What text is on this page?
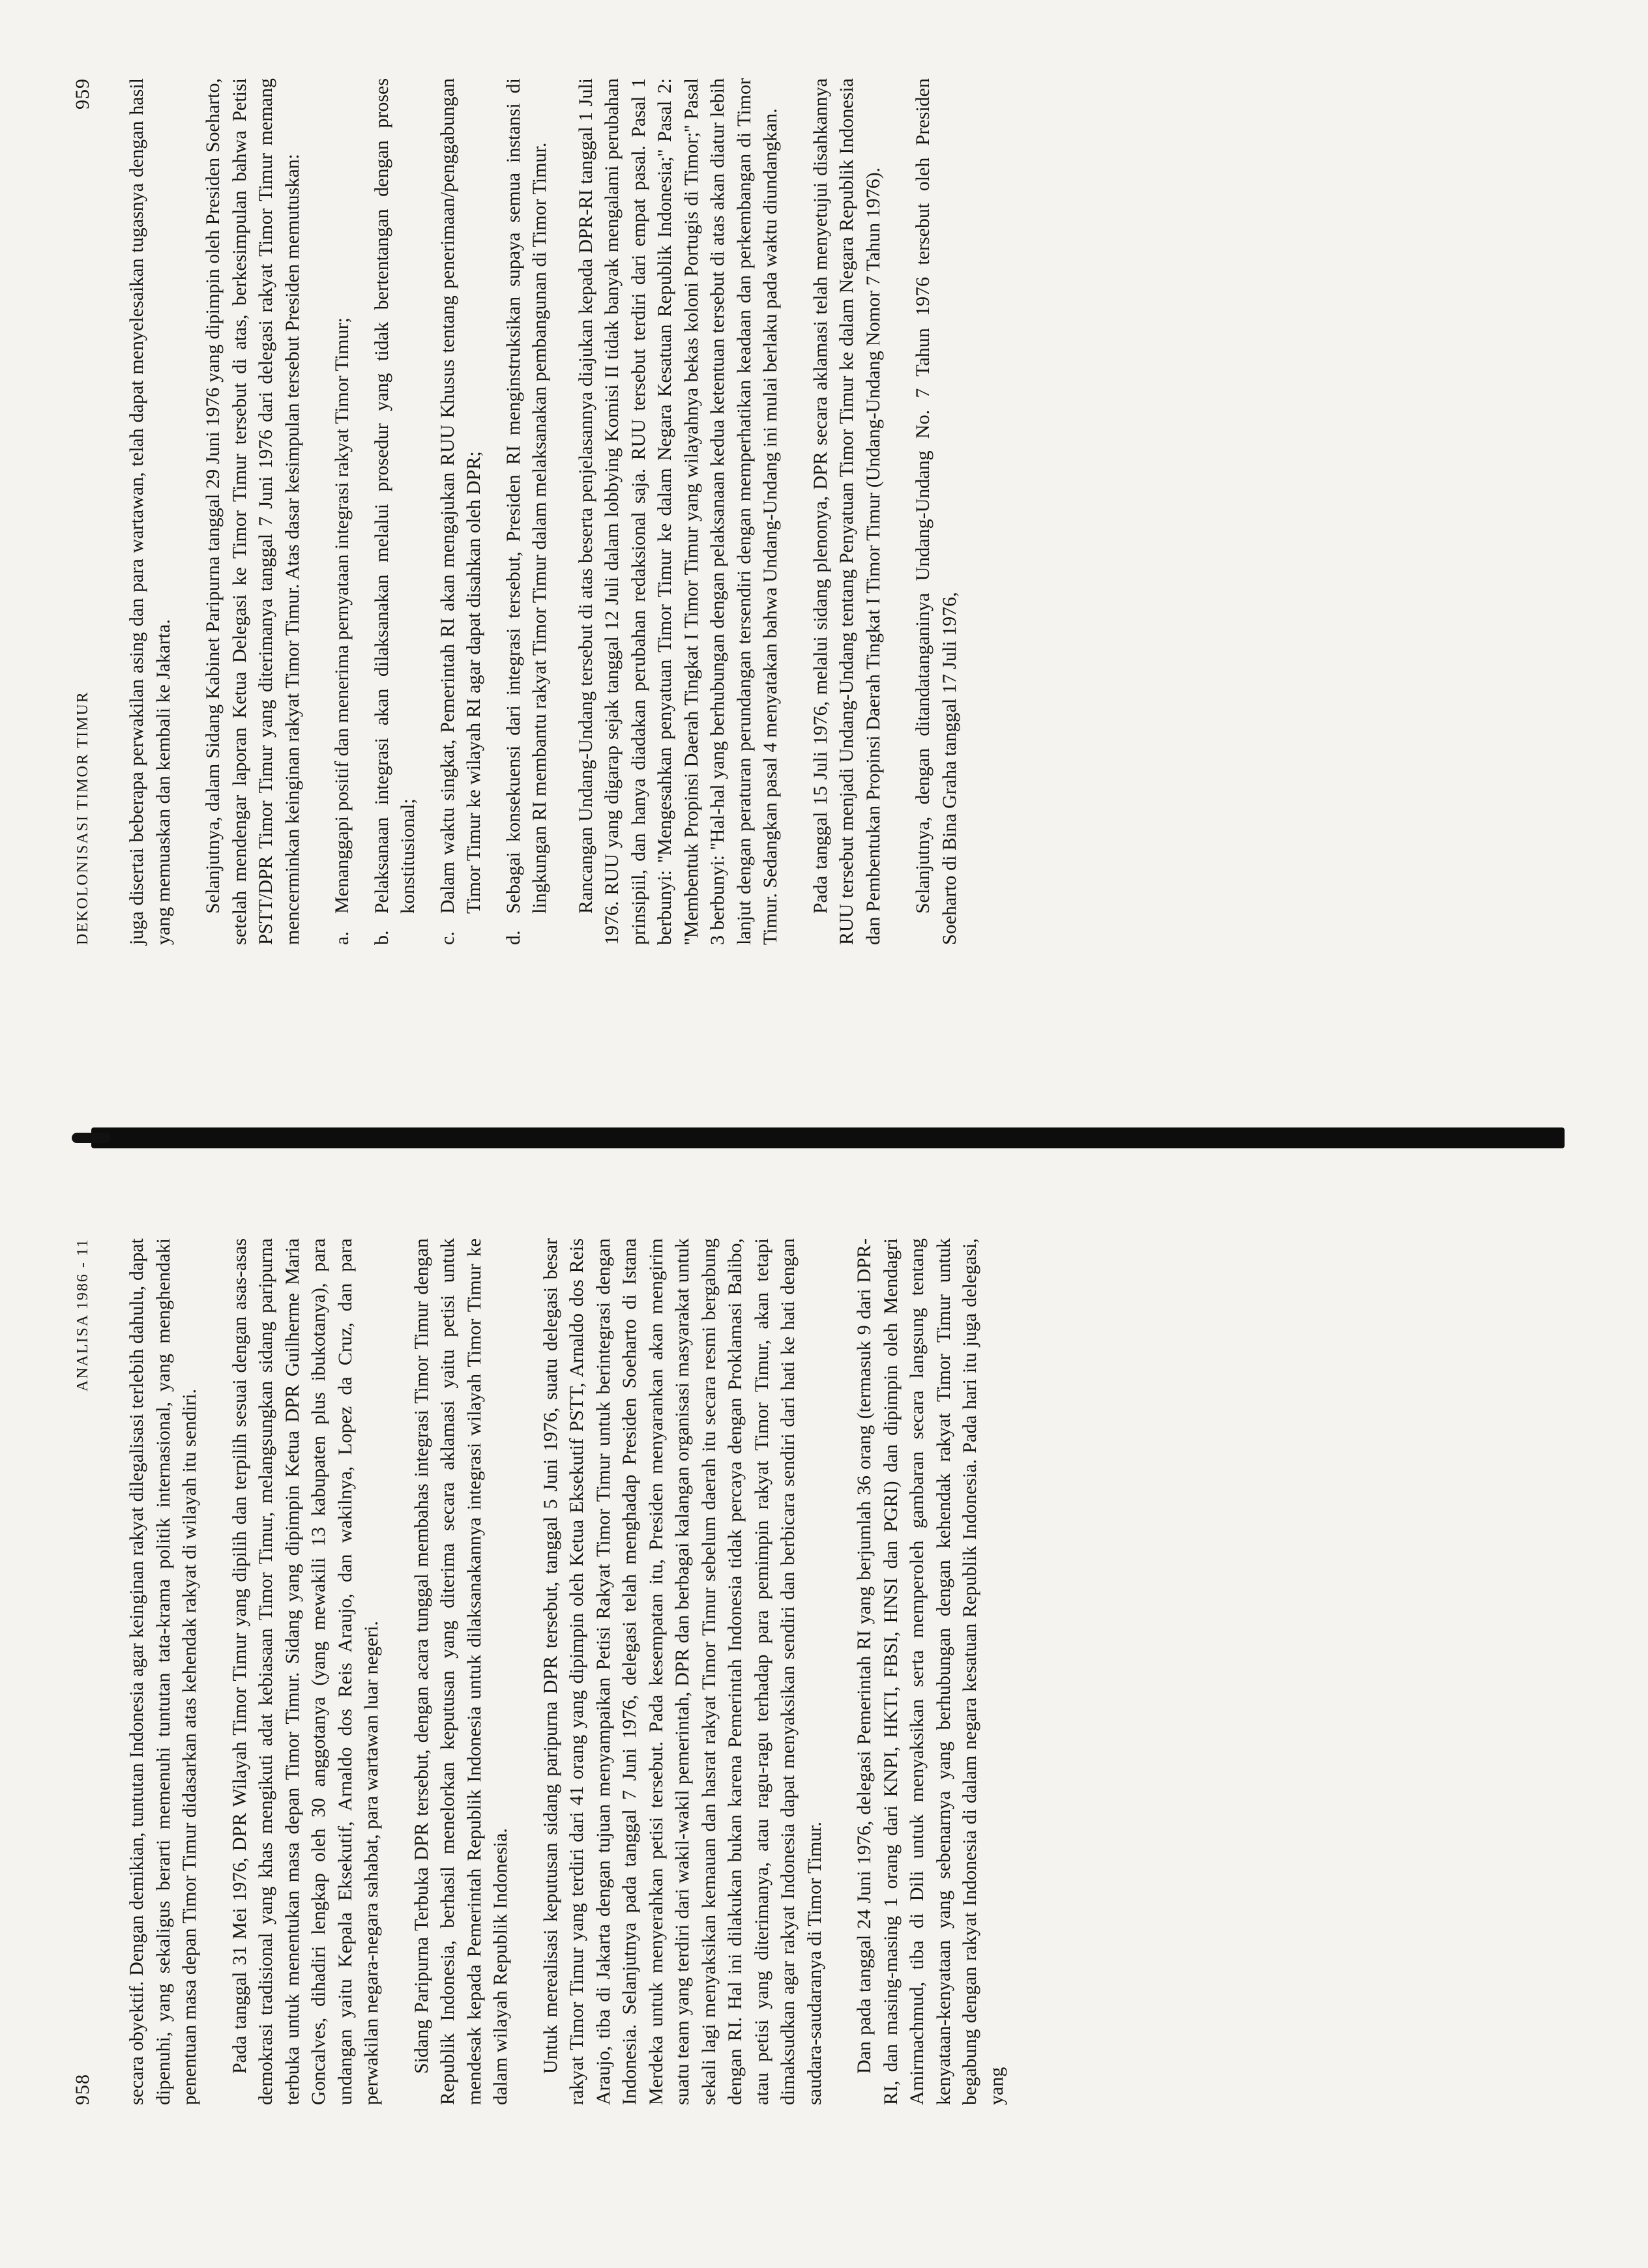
958
ANALISA 1986 - 11 secara obyektif. Dengan demikian, tuntutan Indonesia agar keinginan rakyat dilegalisasi terlebih dahulu, dapat dipenuhi, yang sekaligus berarti memenuhi tuntutan tata-krama politik internasional, yang menghendaki penentuan masa depan Timor Timur didasarkan atas kehendak rakyat di wilayah itu sendiri. Pada tanggal 31 Mei 1976, DPR Wilayah Timor Timur yang dipilih dan terpilih sesuai dengan asas-asas demokrasi tradisional yang khas mengikuti adat kebiasaan Timor Timur, melangsungkan sidang paripurna terbuka untuk menentukan masa depan Timor Timur. Sidang yang dipimpin Ketua DPR Guilherme Maria Goncalves, dihadiri lengkap oleh 30 anggotanya (yang mewakili 13 kabupaten plus ibukotanya), para undangan yaitu Kepala Eksekutif, Arnaldo dos Reis Araujo, dan wakilnya, Lopez da Cruz, dan para perwakilan negara-negara sahabat, para wartawan luar negeri. Sidang Paripurna Terbuka DPR tersebut, dengan acara tunggal membahas integrasi Timor Timur dengan Republik Indonesia, berhasil menelorkan keputusan yang diterima secara aklamasi yaitu petisi untuk mendesak kepada Pemerintah Republik Indonesia untuk dilaksanakannya integrasi wilayah Timor Timur ke dalam wilayah Republik Indonesia. Untuk merealisasi keputusan sidang paripurna DPR tersebut, tanggal 5 Juni 1976, suatu delegasi besar rakyat Timor Timur yang terdiri dari 41 orang yang dipimpin oleh Ketua Eksekutif PSTT, Arnaldo dos Reis Araujo, tiba di Jakarta dengan tujuan menyampaikan Petisi Rakyat Timor Timur untuk berintegrasi dengan Indonesia. Selanjutnya pada tanggal 7 Juni 1976, delegasi telah menghadap Presiden Soeharto di Istana Merdeka untuk menyerahkan petisi tersebut. Pada kesempatan itu, Presiden menyarankan akan mengirim suatu team yang terdiri dari wakil-wakil pemerintah, DPR dan berbagai kalangan organisasi masyarakat untuk sekali lagi menyaksikan kemauan dan hasrat rakyat Timor Timur sebelum daerah itu secara resmi bergabung dengan RI. Hal ini dilakukan bukan karena Pemerintah Indonesia tidak percaya dengan Proklamasi Balibo, atau petisi yang diterimanya, atau ragu-ragu terhadap para pemimpin rakyat Timor Timur, akan tetapi dimaksudkan agar rakyat Indonesia dapat menyaksikan sendiri dan berbicara sendiri dari hati ke hati dengan saudara-saudaranya di Timor Timur. Dan pada tanggal 24 Juni 1976, delegasi Pemerintah RI yang berjumlah 36 orang (termasuk 9 dari DPR-RI, dan masing-masing 1 orang dari KNPI, HKTI, FBSI, HNSI dan PGRI) dan dipimpin oleh Mendagri Amirmachmud, tiba di Dili untuk menyaksikan serta memperoleh gambaran secara langsung tentang kenyataan-kenyataan yang sebenarnya yang berhubungan dengan kehendak rakyat Timor Timur untuk begabung dengan rakyat Indonesia di dalam negara kesatuan Republik Indonesia. Pada hari itu juga delegasi, yang

DEKOLONISASI TIMOR TIMUR
959 juga disertai beberapa perwakilan asing dan para wartawan, telah dapat menyelesaikan tugasnya dengan hasil yang memuaskan dan kembali ke Jakarta. Selanjutnya, dalam Sidang Kabinet Paripurna tanggal 29 Juni 1976 yang dipimpin oleh Presiden Soeharto, setelah mendengar laporan Ketua Delegasi ke Timor Timur tersebut di atas, berkesimpulan bahwa Petisi PSTT/DPR Timor Timur yang diterimanya tanggal 7 Juni 1976 dari delegasi rakyat Timor Timur memang mencerminkan keinginan rakyat Timor Timur. Atas dasar kesimpulan tersebut Presiden memutuskan: a.
Menanggapi positif dan menerima pernyataan integrasi rakyat Timor Timur;
b.
Pelaksanaan integrasi akan dilaksanakan melalui prosedur yang tidak bertentangan dengan proses konstitusional;
c.
Dalam waktu singkat, Pemerintah RI akan mengajukan RUU Khusus tentang penerimaan/penggabungan Timor Timur ke wilayah RI agar dapat disahkan oleh DPR;
d.
Sebagai konsekuensi dari integrasi tersebut, Presiden RI menginstruksikan supaya semua instansi di lingkungan RI membantu rakyat Timor Timur dalam melaksanakan pembangunan di Timor Timur. Rancangan Undang-Undang tersebut di atas beserta penjelasannya diajukan kepada DPR-RI tanggal 1 Juli 1976. RUU yang digarap sejak tanggal 12 Juli dalam lobbying Komisi II tidak banyak mengalami perubahan prinsipiil, dan hanya diadakan perubahan redaksional saja. RUU tersebut terdiri dari empat pasal. Pasal 1 berbunyi: ''Mengesahkan penyatuan Timor Timur ke dalam Negara Kesatuan Republik Indonesia;'' Pasal 2: ''Membentuk Propinsi Daerah Tingkat I Timor Timur yang wilayahnya bekas koloni Portugis di Timor;'' Pasal 3 berbunyi: ''Hal-hal yang berhubungan dengan pelaksanaan kedua ketentuan tersebut di atas akan diatur lebih lanjut dengan peraturan perundangan tersendiri dengan memperhatikan keadaan dan perkembangan di Timor Timur. Sedangkan pasal 4 menyatakan bahwa Undang-Undang ini mulai berlaku pada waktu diundangkan. Pada tanggal 15 Juli 1976, melalui sidang plenonya, DPR secara aklamasi telah menyetujui disahkannya RUU tersebut menjadi Undang-Undang tentang Penyatuan Timor Timur ke dalam Negara Republik Indonesia dan Pembentukan Propinsi Daerah Tingkat I Timor Timur (Undang-Undang Nomor 7 Tahun 1976). Selanjutnya, dengan ditandatanganinya Undang-Undang No. 7 Tahun 1976 tersebut oleh Presiden Soeharto di Bina Graha tanggal 17 Juli 1976,
